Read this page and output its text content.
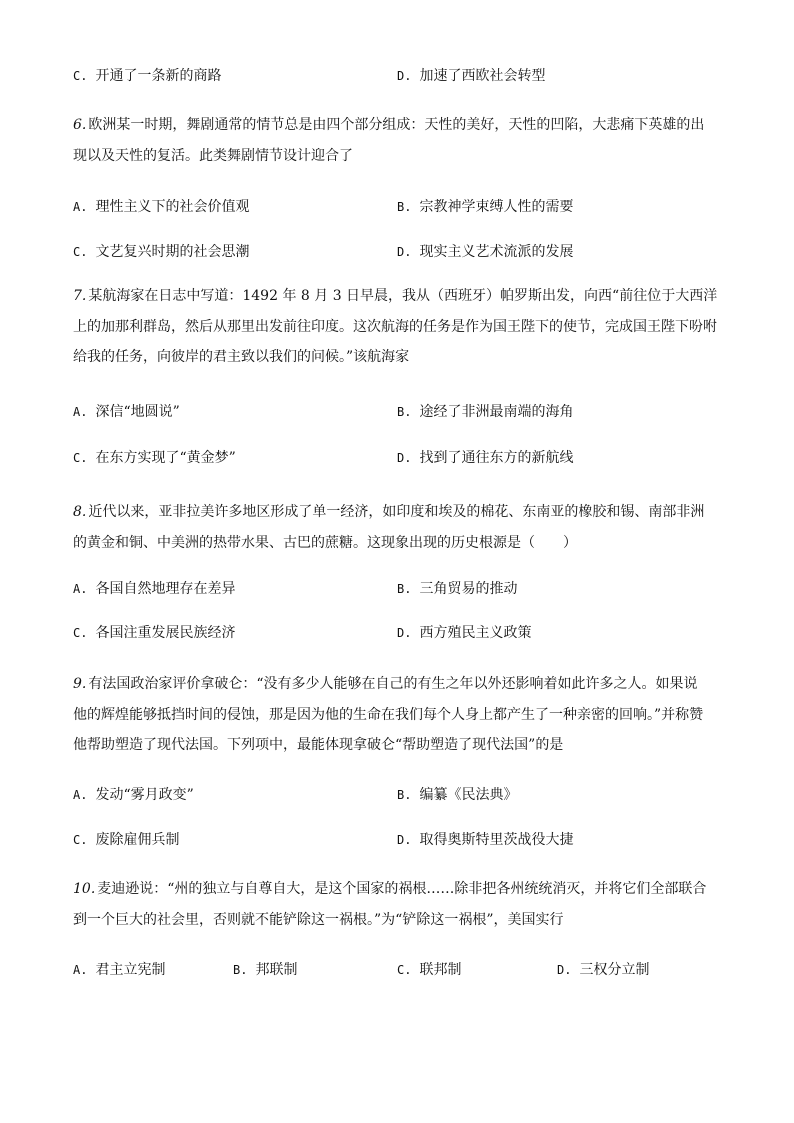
C. 开通了一条新的商路	D. 加速了西欧社会转型
6. 欧洲某一时期，舞剧通常的情节总是由四个部分组成：天性的美好，天性的凹陷，大悲痛下英雄的出
现以及天性的复活。此类舞剧情节设计迎合了
A. 理性主义下的社会价值观	B. 宗教神学束缚人性的需要
C. 文艺复兴时期的社会思潮	D. 现实主义艺术流派的发展
7. 某航海家在日志中写道：1492 年 8 月 3 日早晨，我从（西班牙）帕罗斯出发，向西“前往位于大西洋
上的加那利群岛，然后从那里出发前往印度。这次航海的任务是作为国王陛下的使节，完成国王陛下吩咐
给我的任务，向彼岸的君主致以我们的问候。”该航海家
A. 深信“地圆说”	B. 途经了非洲最南端的海角
C. 在东方实现了“黄金梦”	D. 找到了通往东方的新航线
8. 近代以来，亚非拉美许多地区形成了单一经济，如印度和埃及的棉花、东南亚的橡胶和锡、南部非洲
的黄金和铜、中美洲的热带水果、古巴的蔗糖。这现象出现的历史根源是（　　）
A. 各国自然地理存在差异	B. 三角贸易的推动
C. 各国注重发展民族经济	D. 西方殖民主义政策
9. 有法国政治家评价拿破仑：“没有多少人能够在自己的有生之年以外还影响着如此许多之人。如果说
他的辉煌能够抵挡时间的侵蚀，那是因为他的生命在我们每个人身上都产生了一种亲密的回响。”并称赞
他帮助塑造了现代法国。下列项中，最能体现拿破仑“帮助塑造了现代法国”的是
A. 发动“雾月政变”	B. 编纂《民法典》
C. 废除雇佣兵制	D. 取得奥斯特里茨战役大捷
10. 麦迪逊说：“州的独立与自尊自大，是这个国家的祸根……除非把各州统统消灭，并将它们全部联合
到一个巨大的社会里，否则就不能铲除这一祸根。”为“铲除这一祸根”，美国实行
A. 君主立宪制	B. 邦联制	C. 联邦制	D. 三权分立制
